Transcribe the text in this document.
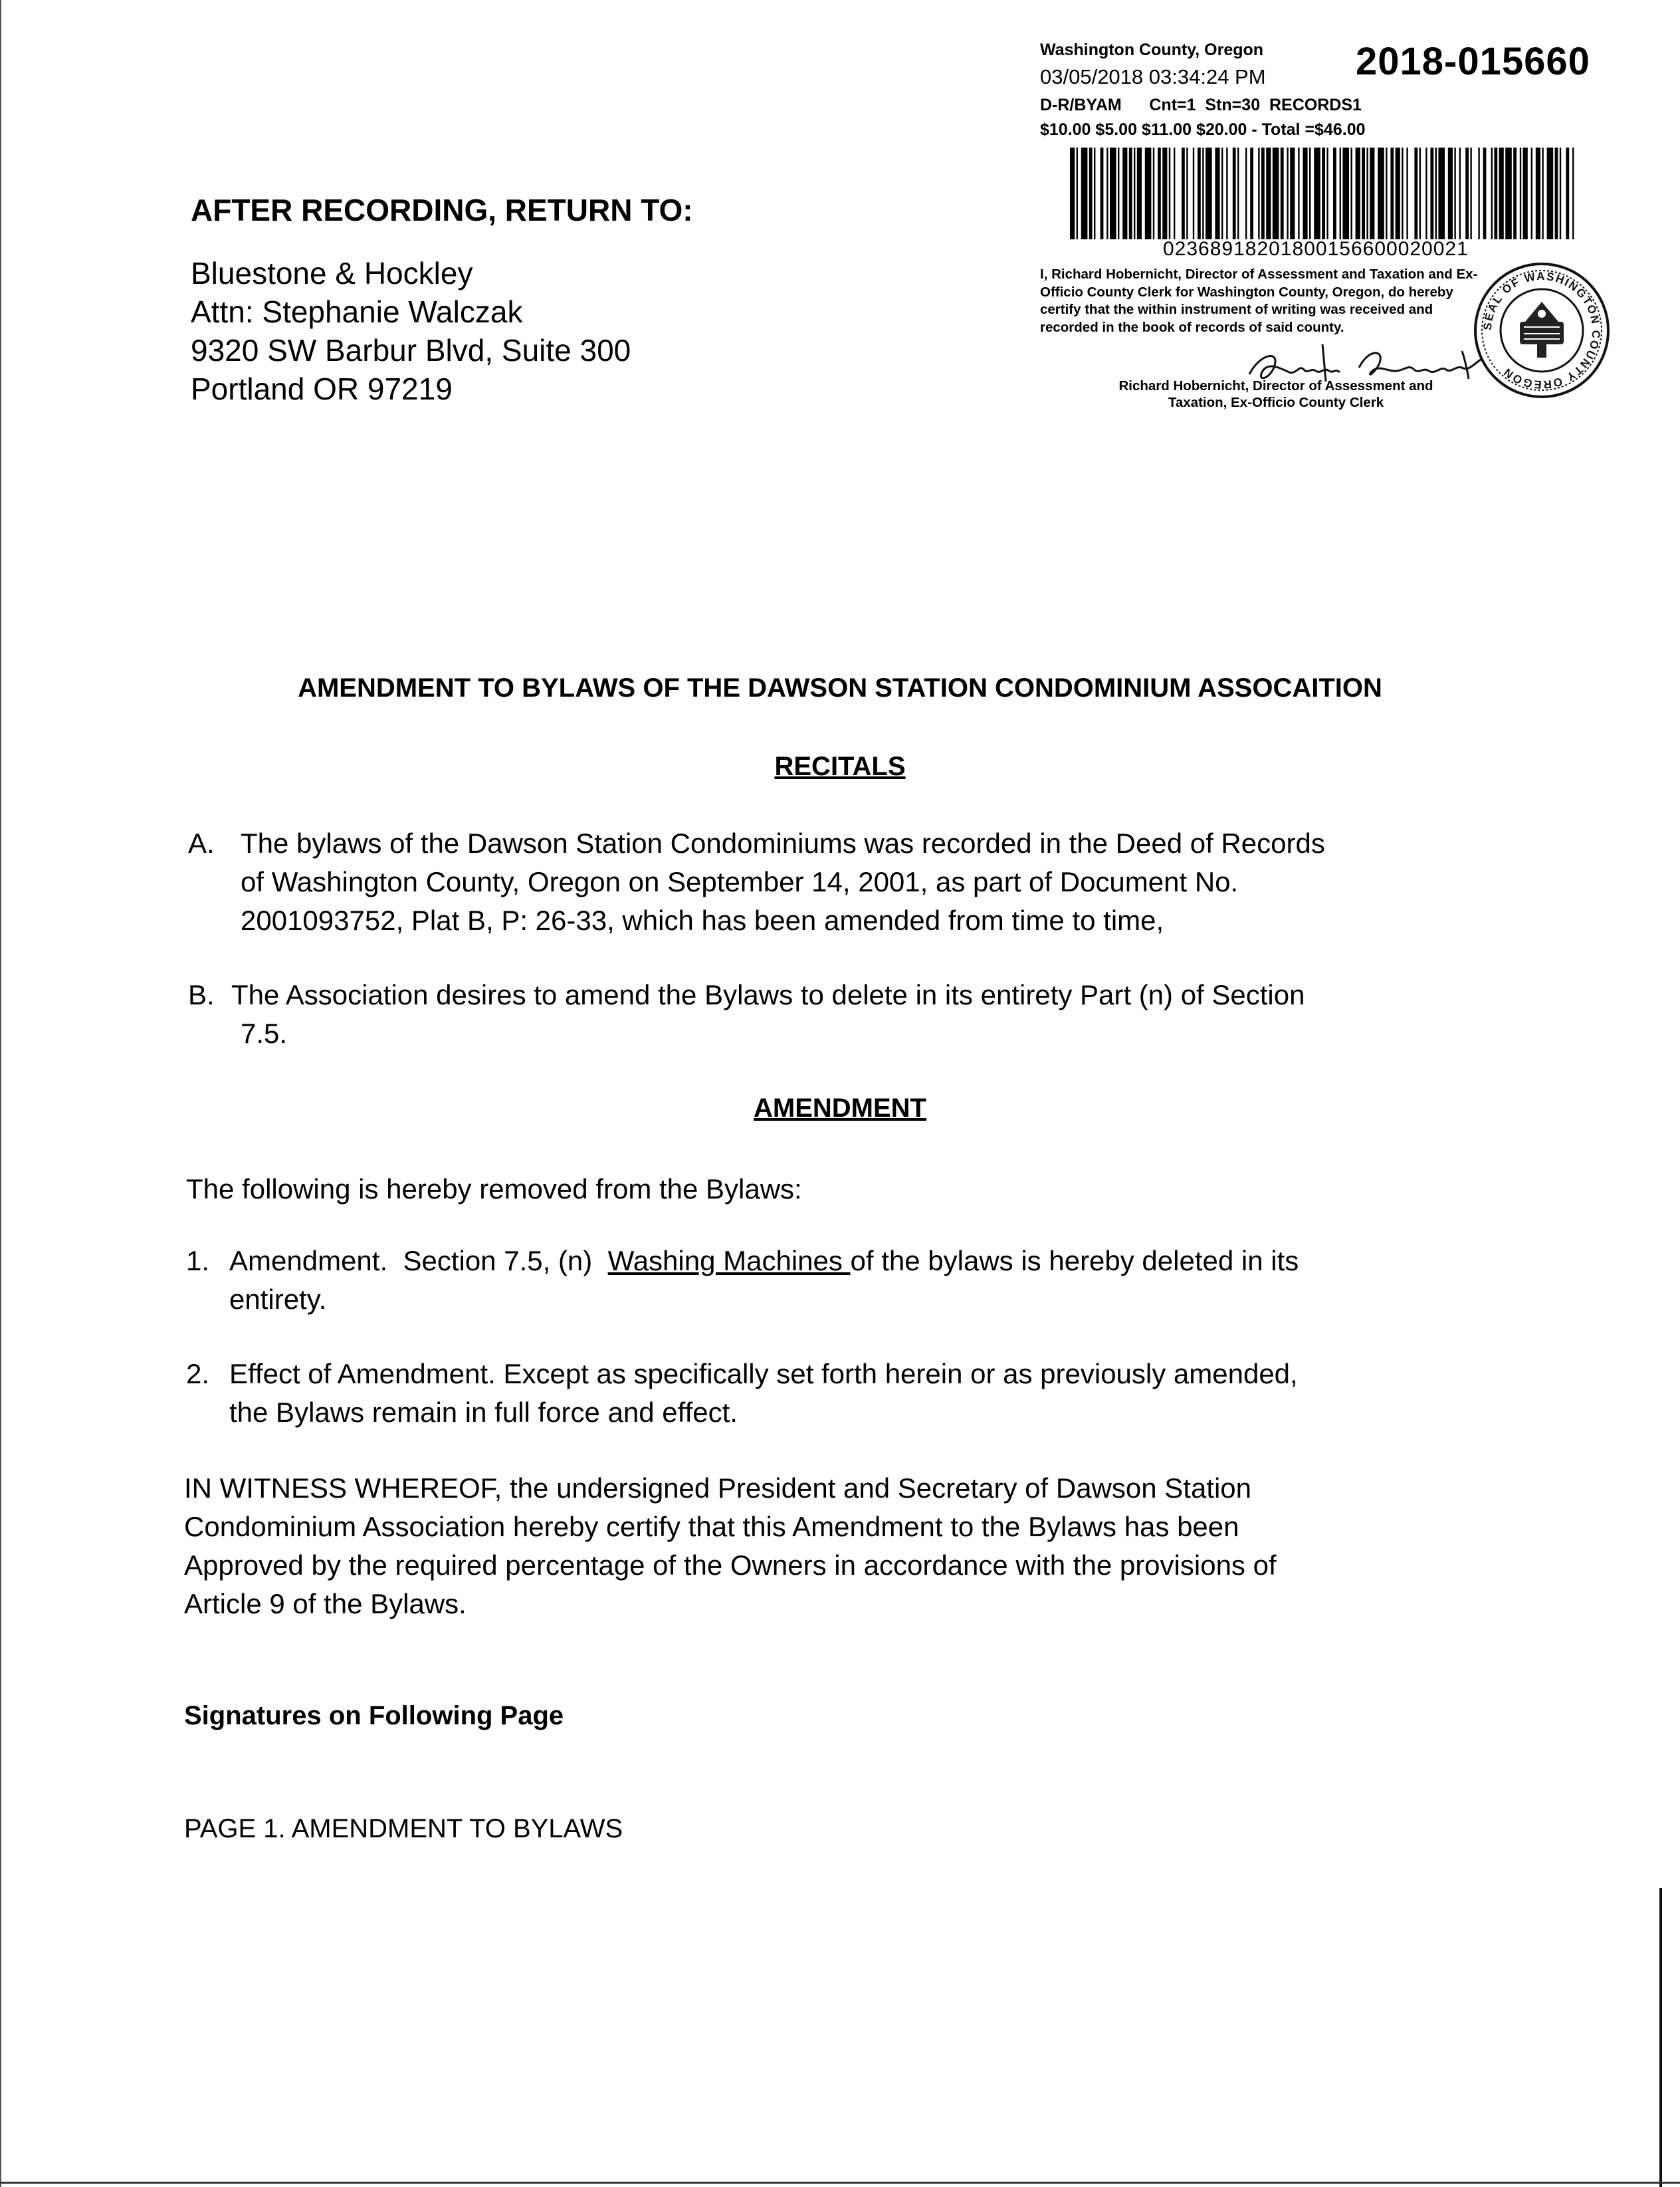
Washington County, Oregon
03/05/2018 03:34:24 PM 2018-015660
D-R/BYAM      Cnt=1  Stn=30  RECORDS1
$10.00 $5.00 $11.00 $20.00 - Total =$46.00
02368918201800156600020021
I, Richard Hobernicht, Director of Assessment and Taxation and Ex-Officio County Clerk for Washington County, Oregon, do hereby certify that the within instrument of writing was received and recorded in the book of records of said county.
Richard Hobernicht, Director of Assessment and
Taxation, Ex-Officio County Clerk
SEAL OF WASHINGTON COUNTY OREGON
AFTER RECORDING, RETURN TO:
Bluestone & Hockley
Attn: Stephanie Walczak
9320 SW Barbur Blvd, Suite 300
Portland OR 97219
AMENDMENT TO BYLAWS OF THE DAWSON STATION CONDOMINIUM ASSOCAITION
RECITALS
A. The bylaws of the Dawson Station Condominiums was recorded in the Deed of Records
of Washington County, Oregon on September 14, 2001, as part of Document No.
2001093752, Plat B, P: 26-33, which has been amended from time to time,
B. The Association desires to amend the Bylaws to delete in its entirety Part (n) of Section
7.5.
AMENDMENT
The following is hereby removed from the Bylaws:
1. Amendment.  Section 7.5, (n)  Washing Machines of the bylaws is hereby deleted in its
entirety.
2. Effect of Amendment. Except as specifically set forth herein or as previously amended,
the Bylaws remain in full force and effect.
IN WITNESS WHEREOF, the undersigned President and Secretary of Dawson Station
Condominium Association hereby certify that this Amendment to the Bylaws has been
Approved by the required percentage of the Owners in accordance with the provisions of
Article 9 of the Bylaws.
Signatures on Following Page
PAGE 1. AMENDMENT TO BYLAWS
